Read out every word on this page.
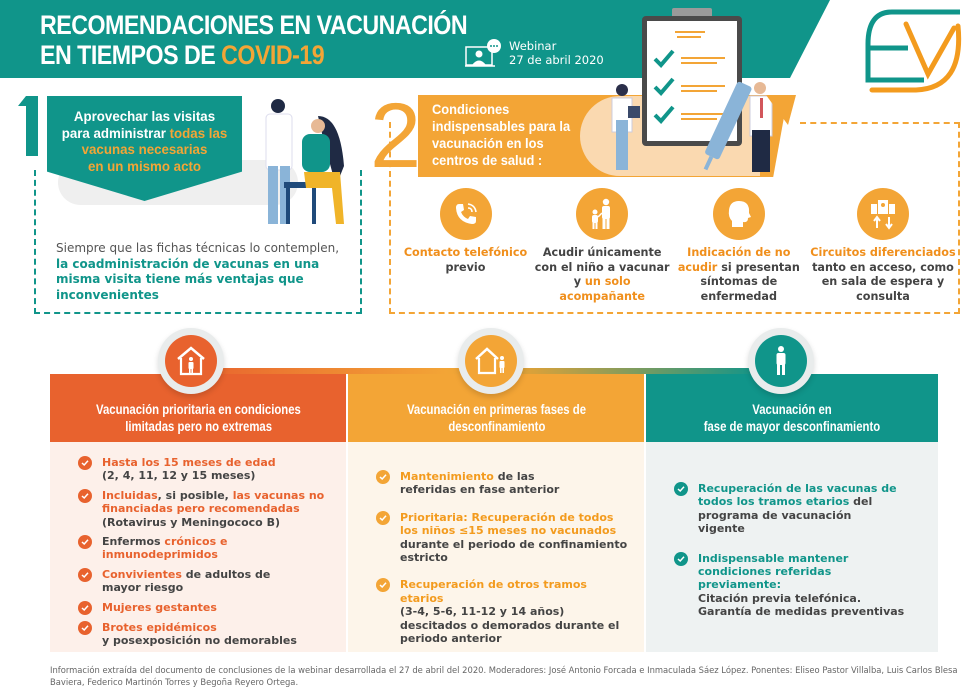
RECOMENDACIONES EN VACUNACIÓN
EN TIEMPOS DE COVID-19	Webinar
27 de abril 2020
Aprovechar las visitas
para administrar todas las
vacunas necesarias
en un mismo acto
Siempre que las fichas técnicas lo contemplen,
la coadministración de vacunas en una misma visita tiene más ventajas que inconvenientes
2 Condiciones
indispensables para la
vacunación en los
centros de salud :
Contacto telefónico
previo
Acudir únicamente con el niño a vacunar y un solo acompañante
Indicación de no acudir si presentan síntomas de enfermedad
Circuitos diferenciados tanto en acceso, como en sala de espera y consulta
Vacunación prioritaria en condiciones
limitadas pero no extremas
Vacunación en primeras fases de
desconfinamiento
Vacunación en
fase de mayor desconfinamiento
Hasta los 15 meses de edad
(2, 4, 11, 12 y 15 meses)
Incluidas, si posible, las vacunas no financiadas pero recomendadas
(Rotavirus y Meningococo B)
Enfermos crónicos e inmunodeprimidos
Convivientes de adultos de mayor riesgo
Mujeres gestantes
Brotes epidémicos
y posexposición no demorables
Mantenimiento de las referidas en fase anterior
Prioritaria: Recuperación de todos los niños ≤15 meses no vacunados
durante el periodo de confinamiento estricto
Recuperación de otros tramos etarios
(3-4, 5-6, 11-12 y 14 años) descitados o demorados durante el periodo anterior
Recuperación de las vacunas de todos los tramos etarios del programa de vacunación vigente
Indispensable mantener condiciones referidas previamente:
Citación previa telefónica. Garantía de medidas preventivas
Información extraída del documento de conclusiones de la webinar desarrollada el 27 de abril del 2020. Moderadores: José Antonio Forcada e Inmaculada Sáez López. Ponentes: Eliseo Pastor Villalba, Luis Carlos Blesa Baviera, Federico Martinón Torres y Begoña Reyero Ortega.
